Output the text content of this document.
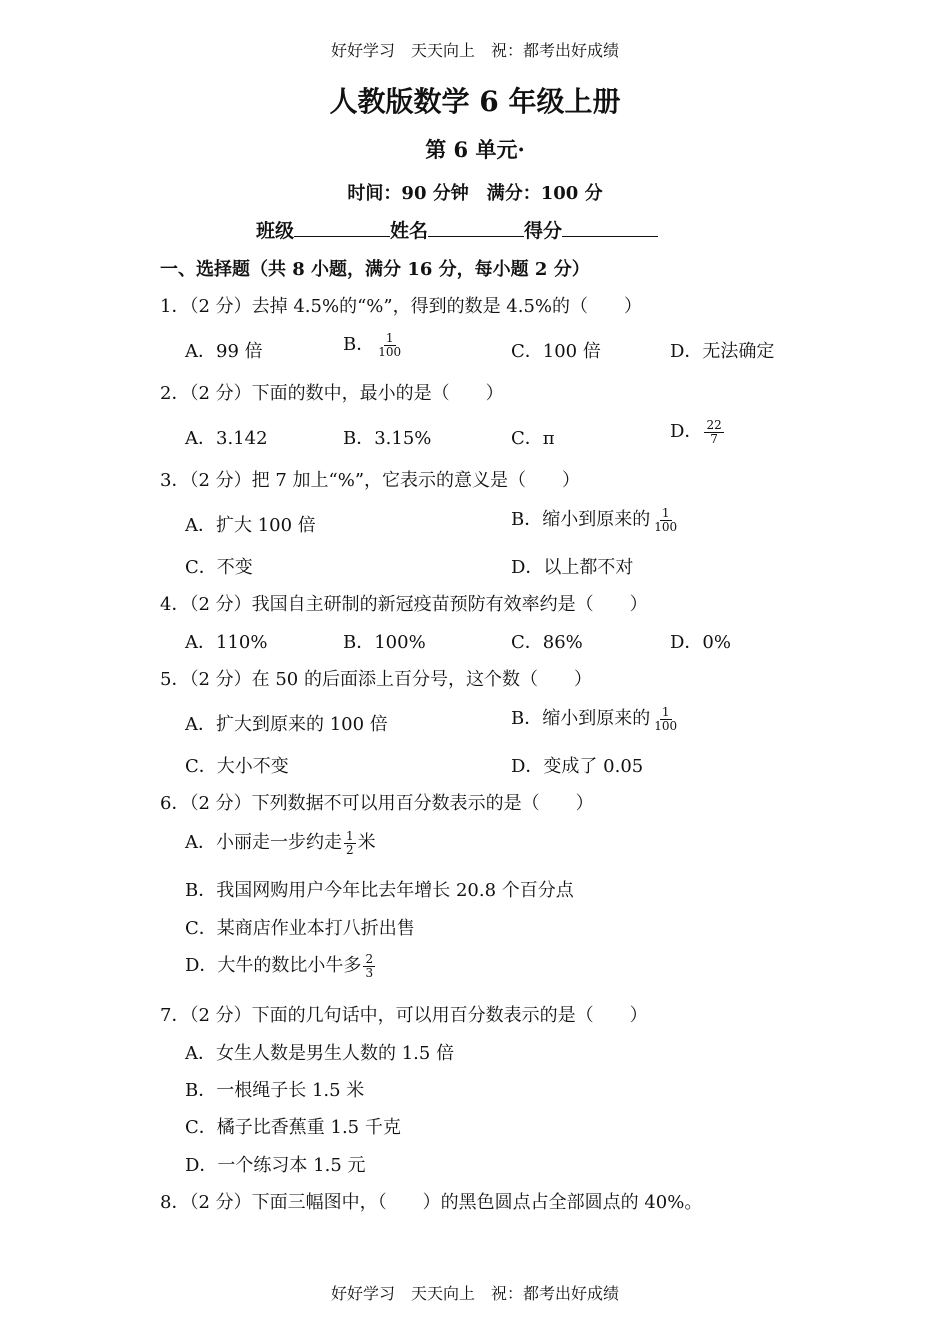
好好学习　天天向上　祝：都考出好成绩
人教版数学 6 年级上册
第 6 单元·
时间：90 分钟　满分：100 分
班级	姓名	得分
一、选择题（共 8 小题，满分 16 分，每小题 2 分）
1．（2 分）去掉 4.5%的“%”，得到的数是 4.5%的（　　）
A．99 倍	B． $\frac{1}{100}$	C．100 倍	D．无法确定
2．（2 分）下面的数中，最小的是（　　）
A．3.142	B．3.15%	C．π	D． $\frac{22}{7}$
3．（2 分）把 7 加上“%”，它表示的意义是（　　）
A．扩大 100 倍	B．缩小到原来的 $\frac{1}{100}$
C．不变	D．以上都不对
4．（2 分）我国自主研制的新冠疫苗预防有效率约是（　　）
A．110%	B．100%	C．86%	D．0%
5．（2 分）在 50 的后面添上百分号，这个数（　　）
A．扩大到原来的 100 倍	B．缩小到原来的 $\frac{1}{100}$
C．大小不变	D．变成了 0.05
6．（2 分）下列数据不可以用百分数表示的是（　　）
A．小丽走一步约走 $\frac{1}{2}$ 米
B．我国网购用户今年比去年增长 20.8 个百分点
C．某商店作业本打八折出售
D．大牛的数比小牛多 $\frac{2}{3}$
7．（2 分）下面的几句话中，可以用百分数表示的是（　　）
A．女生人数是男生人数的 1.5 倍
B．一根绳子长 1.5 米
C．橘子比香蕉重 1.5 千克
D．一个练习本 1.5 元
8．（2 分）下面三幅图中，（　　）的黑色圆点占全部圆点的 40%。
好好学习　天天向上　祝：都考出好成绩
